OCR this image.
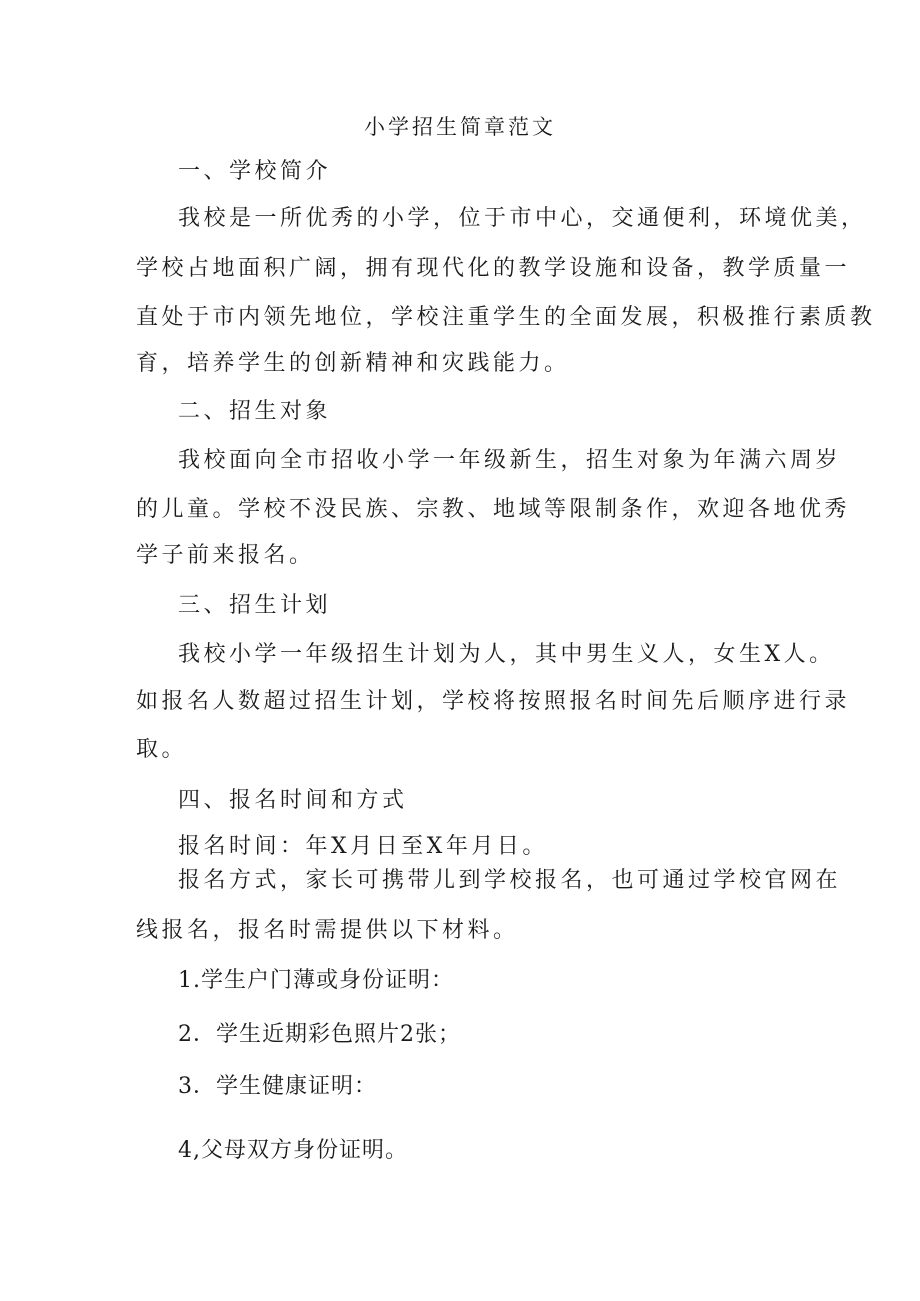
小学招生简章范文

一、学校简介

我校是一所优秀的小学，位于市中心，交通便利，环境优美，

学校占地面积广阔，拥有现代化的教学设施和设备，教学质量一

直处于市内领先地位，学校注重学生的全面发展，积极推行素质教

育，培养学生的创新精神和灾践能力。

二、招生对象

我校面向全市招收小学一年级新生，招生对象为年满六周岁

的儿童。学校不没民族、宗教、地域等限制条作，欢迎各地优秀

学子前来报名。

三、招生计划

我校小学一年级招生计划为人，其中男生义人，女生X人。

如报名人数超过招生计划，学校将按照报名时间先后顺序进行录

取。

四、报名时间和方式

报名时间：年X月日至X年月日。

报名方式，家长可携带儿到学校报名，也可通过学校官网在

线报名，报名时需提供以下材料。

1.学生户门薄或身份证明：

2．学生近期彩色照片2张；

3．学生健康证明：

4,父母双方身份证明。
